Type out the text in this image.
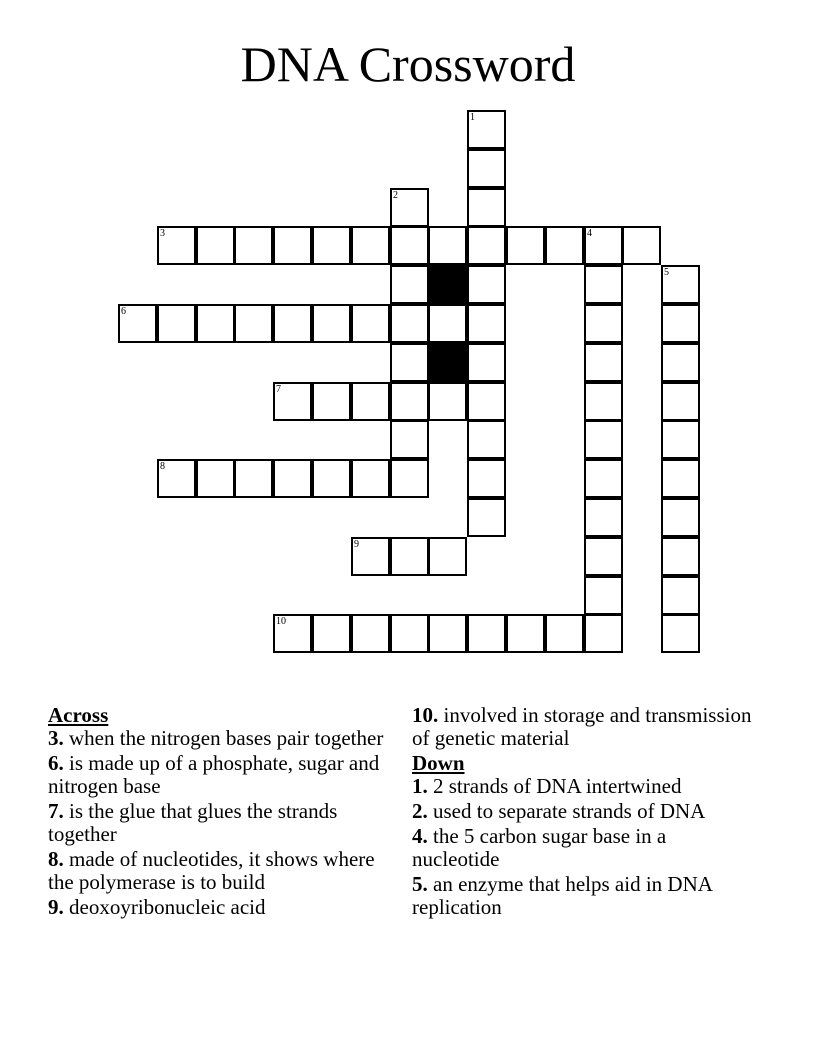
DNA Crossword
1
2
3	4
5
6
7
8
9
10
Across
3. when the nitrogen bases pair together
6. is made up of a phosphate, sugar and nitrogen base
7. is the glue that glues the strands together
8. made of nucleotides, it shows where the polymerase is to build
9. deoxoyribonucleic acid
10. involved in storage and transmission of genetic material
Down
1. 2 strands of DNA intertwined
2. used to separate strands of DNA
4. the 5 carbon sugar base in a nucleotide
5. an enzyme that helps aid in DNA replication
